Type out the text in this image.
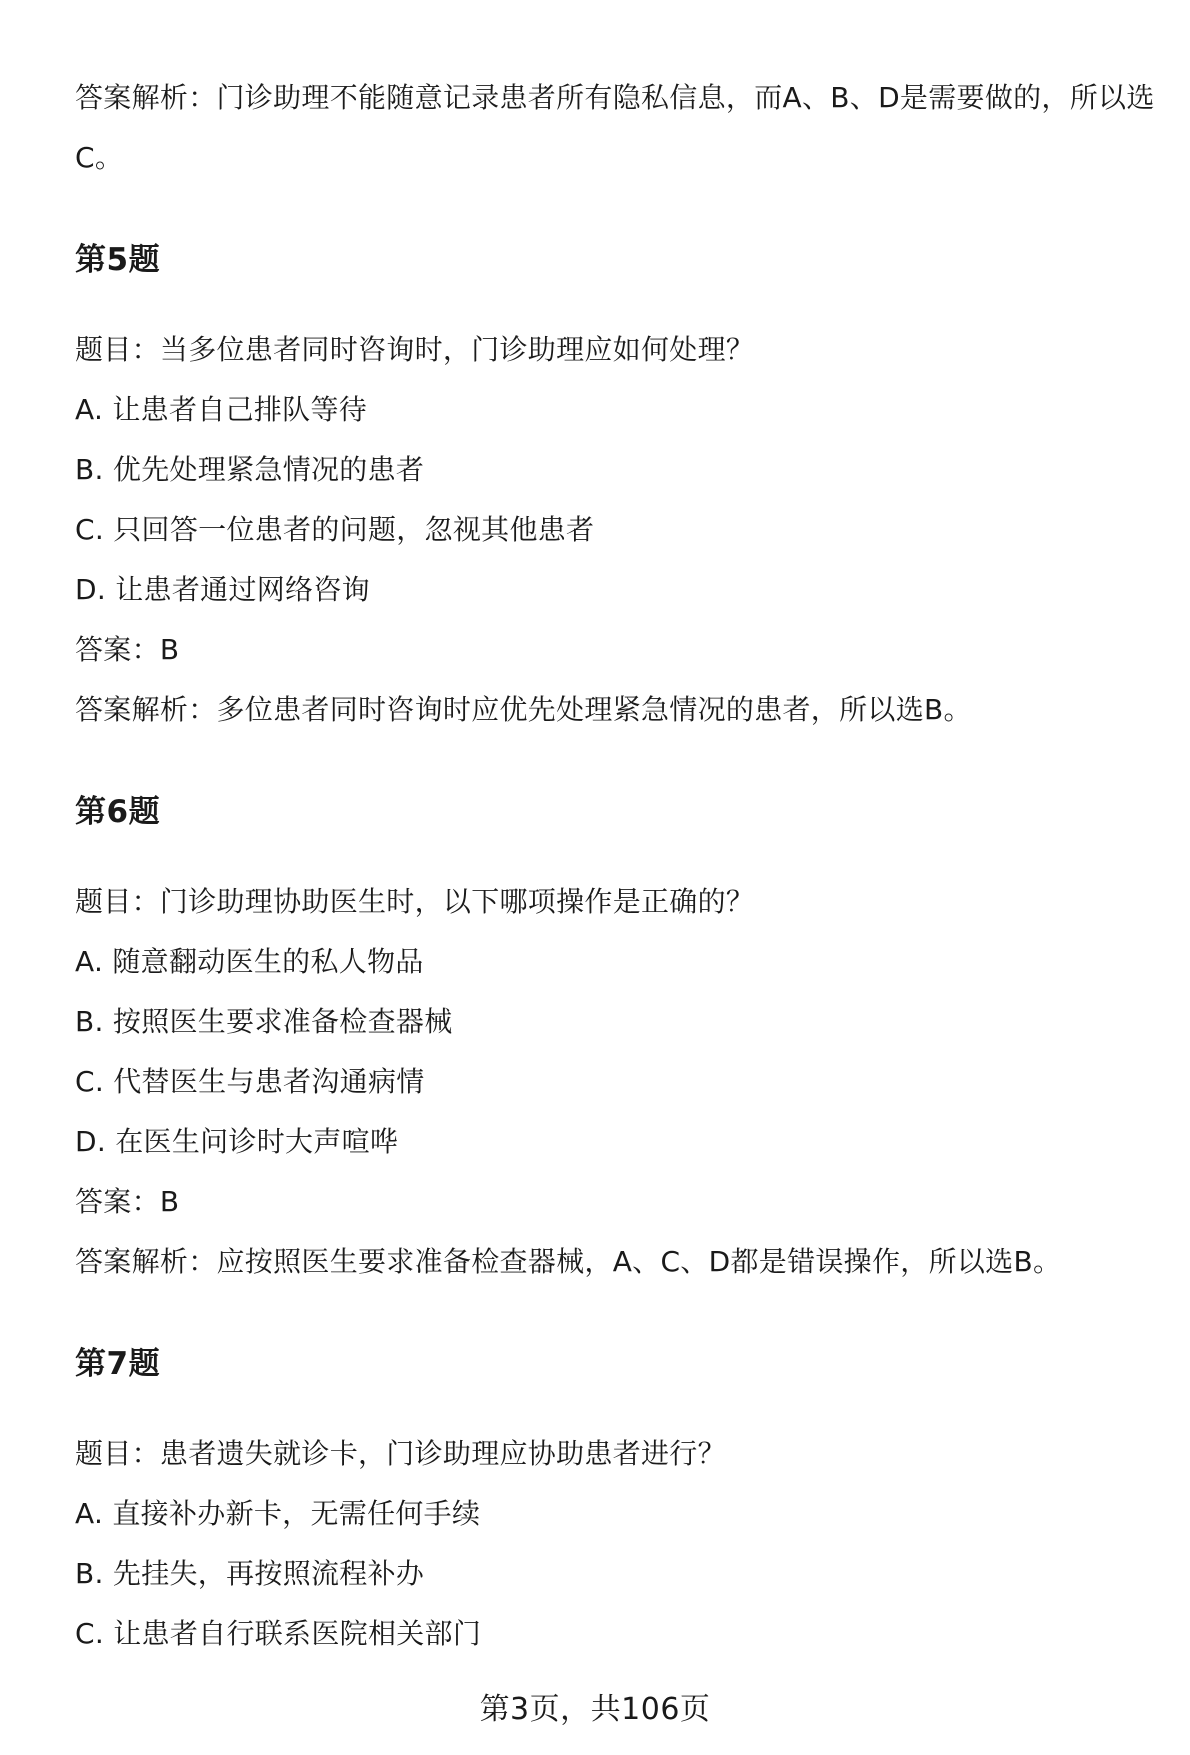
答案解析：门诊助理不能随意记录患者所有隐私信息，而A、B、D是需要做的，所以选C。

第5题

题目：当多位患者同时咨询时，门诊助理应如何处理？

A. 让患者自己排队等待

B. 优先处理紧急情况的患者

C. 只回答一位患者的问题，忽视其他患者

D. 让患者通过网络咨询

答案：B

答案解析：多位患者同时咨询时应优先处理紧急情况的患者，所以选B。

第6题

题目：门诊助理协助医生时，以下哪项操作是正确的？

A. 随意翻动医生的私人物品

B. 按照医生要求准备检查器械

C. 代替医生与患者沟通病情

D. 在医生问诊时大声喧哗

答案：B

答案解析：应按照医生要求准备检查器械，A、C、D都是错误操作，所以选B。

第7题

题目：患者遗失就诊卡，门诊助理应协助患者进行？

A. 直接补办新卡，无需任何手续

B. 先挂失，再按照流程补办

C. 让患者自行联系医院相关部门

第3页，共106页
